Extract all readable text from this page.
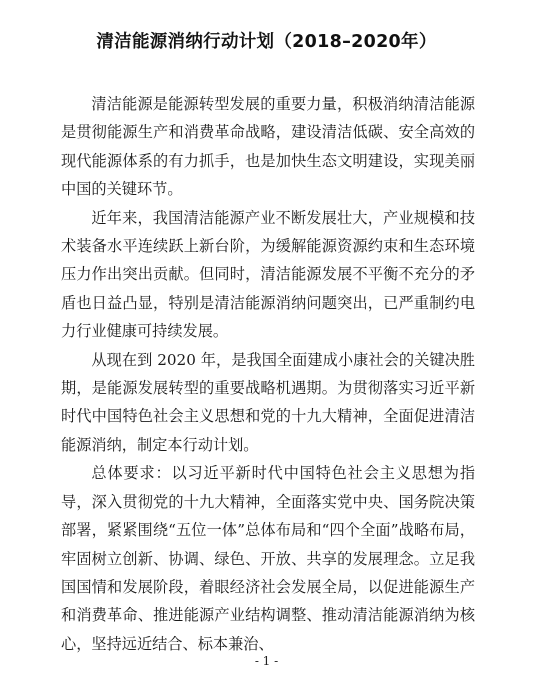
清洁能源消纳行动计划（2018–2020年）

清洁能源是能源转型发展的重要力量，积极消纳清洁能源是贯彻能源生产和消费革命战略，建设清洁低碳、安全高效的现代能源体系的有力抓手，也是加快生态文明建设，实现美丽中国的关键环节。

近年来，我国清洁能源产业不断发展壮大，产业规模和技术装备水平连续跃上新台阶，为缓解能源资源约束和生态环境压力作出突出贡献。但同时，清洁能源发展不平衡不充分的矛盾也日益凸显，特别是清洁能源消纳问题突出，已严重制约电力行业健康可持续发展。

从现在到 2020 年，是我国全面建成小康社会的关键决胜期，是能源发展转型的重要战略机遇期。为贯彻落实习近平新时代中国特色社会主义思想和党的十九大精神，全面促进清洁能源消纳，制定本行动计划。

总体要求：以习近平新时代中国特色社会主义思想为指导，深入贯彻党的十九大精神，全面落实党中央、国务院决策部署，紧紧围绕“五位一体”总体布局和“四个全面”战略布局，牢固树立创新、协调、绿色、开放、共享的发展理念。立足我国国情和发展阶段，着眼经济社会发展全局，以促进能源生产和消费革命、推进能源产业结构调整、推动清洁能源消纳为核心，坚持远近结合、标本兼治、

- 1 -
